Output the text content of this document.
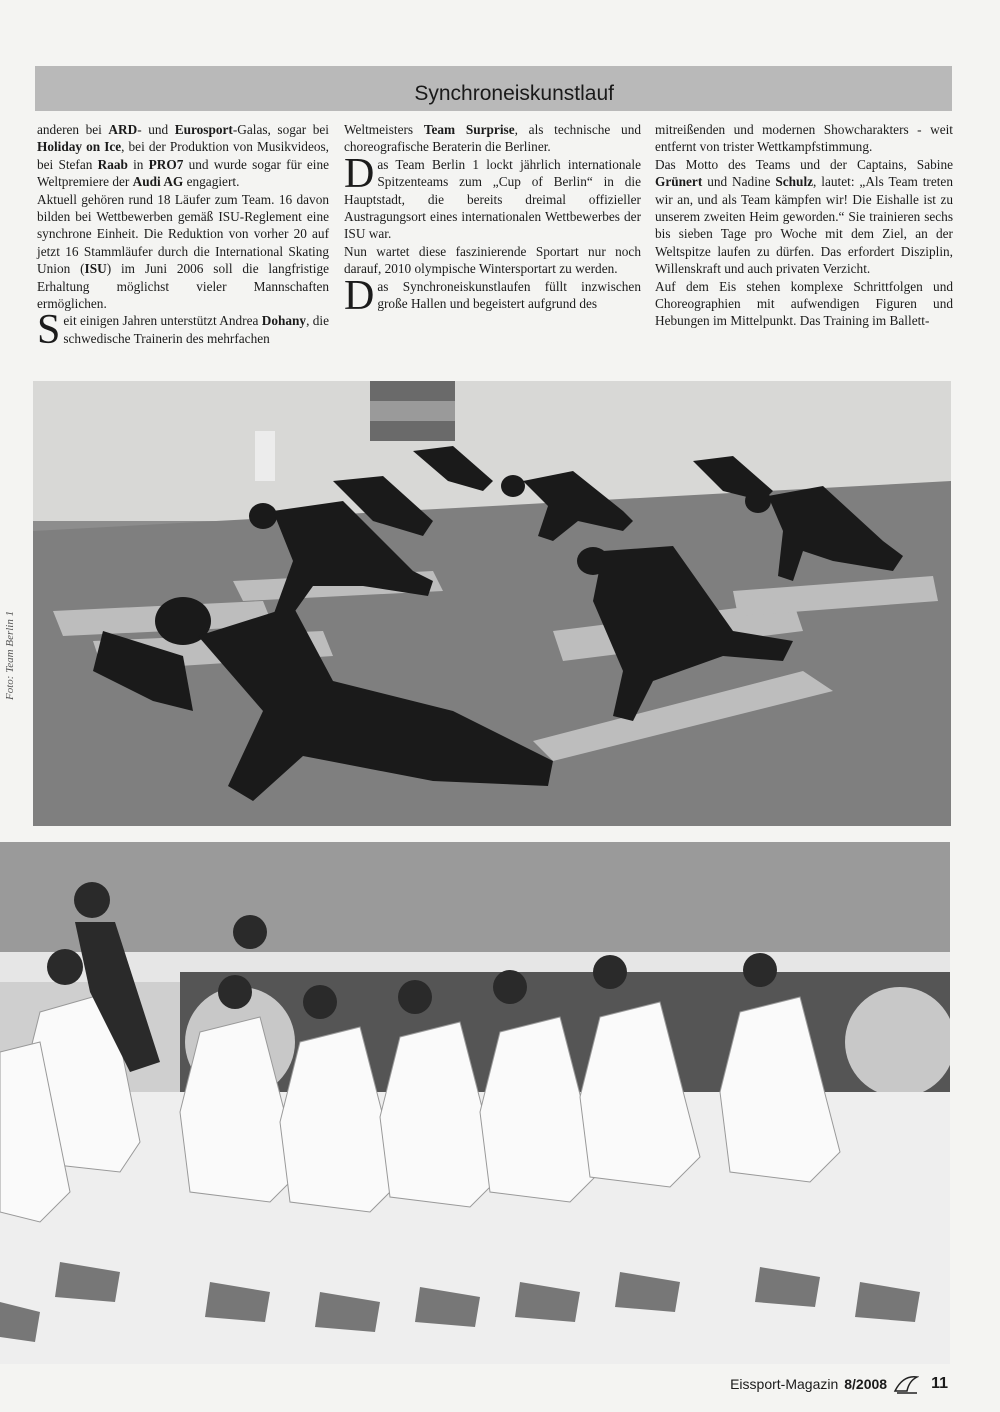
Synchroneiskunstlauf

anderen bei ARD- und Eurosport-Galas, sogar bei Holiday on Ice, bei der Produktion von Musikvideos, bei Stefan Raab in PRO7 und wurde sogar für eine Weltpremiere der Audi AG engagiert.

Aktuell gehören rund 18 Läufer zum Team. 16 davon bilden bei Wettbewerben gemäß ISU-Reglement eine synchrone Einheit. Die Reduktion von vorher 20 auf jetzt 16 Stammläufer durch die International Skating Union (ISU) im Juni 2006 soll die langfristige Erhaltung möglichst vieler Mannschaften ermöglichen.

Seit einigen Jahren unterstützt Andrea Dohany, die schwedische Trainerin des mehrfachen

Weltmeisters Team Surprise, als technische und choreografische Beraterin die Berliner.

Das Team Berlin 1 lockt jährlich internationale Spitzenteams zum „Cup of Berlin“ in die Hauptstadt, die bereits dreimal offizieller Austragungsort eines internationalen Wettbewerbes der ISU war.

Nun wartet diese faszinierende Sportart nur noch darauf, 2010 olympische Wintersportart zu werden.

Das Synchroneiskunstlaufen füllt inzwischen große Hallen und begeistert aufgrund des

mitreißenden und modernen Showcharakters - weit entfernt von trister Wettkampfstimmung.

Das Motto des Teams und der Captains, Sabine Grünert und Nadine Schulz, lautet: „Als Team treten wir an, und als Team kämpfen wir! Die Eishalle ist zu unserem zweiten Heim geworden.“ Sie trainieren sechs bis sieben Tage pro Woche mit dem Ziel, an der Weltspitze laufen zu dürfen. Das erfordert Disziplin, Willenskraft und auch privaten Verzicht.

Auf dem Eis stehen komplexe Schrittfolgen und Choreographien mit aufwendigen Figuren und Hebungen im Mittelpunkt. Das Training im Ballett-

Foto: Team Berlin 1
Eissport-Magazin 8/2008	11
